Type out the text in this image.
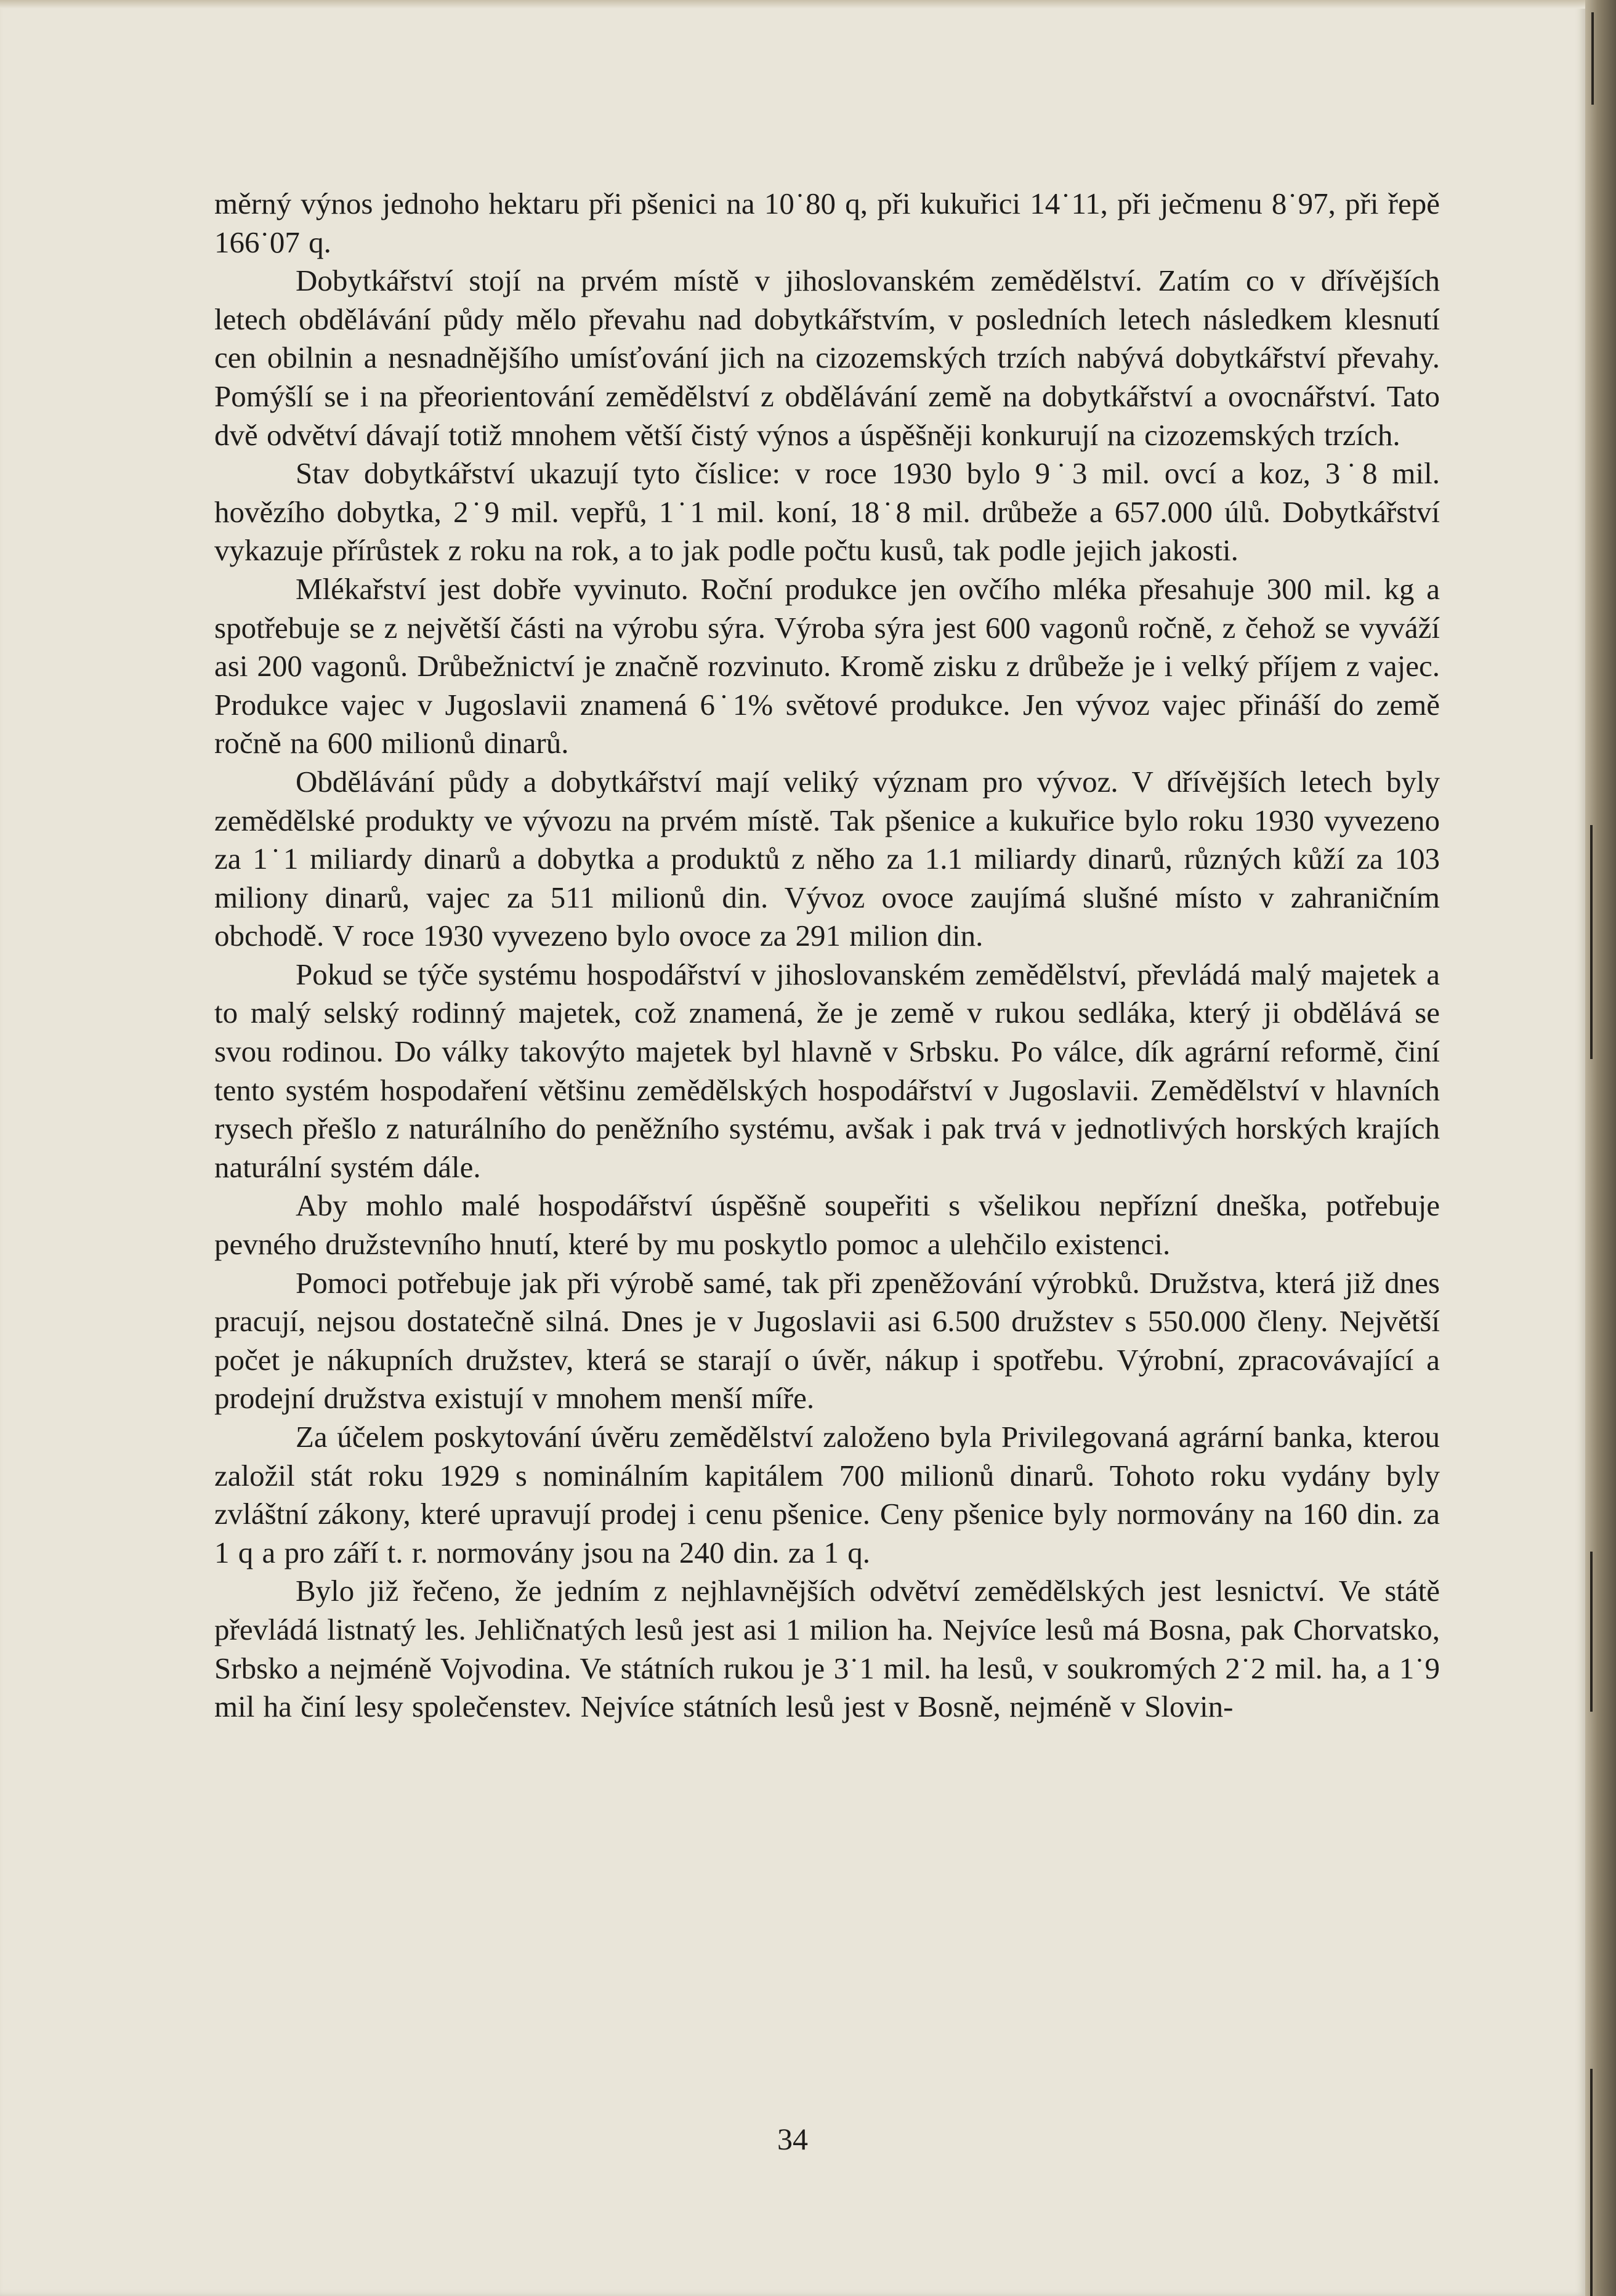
měrný výnos jednoho hektaru při pšenici na 10˙80 q, při kukuřici 14˙11, při ječmenu 8˙97, při řepě 166˙07 q.

Dobytkářství stojí na prvém místě v jihoslovanském zemědělství. Zatím co v dřívějších letech obdělávání půdy mělo převahu nad dobytkářstvím, v posledních letech následkem klesnutí cen obilnin a nesnadnějšího umísťování jich na cizozemských trzích nabývá dobytkářství převahy. Pomýšlí se i na přeorientování zemědělství z obdělávání země na dobytkářství a ovocnářství. Tato dvě odvětví dávají totiž mnohem větší čistý výnos a úspěšněji konkurují na cizozemských trzích.

Stav dobytkářství ukazují tyto číslice: v roce 1930 bylo 9˙3 mil. ovcí a koz, 3˙8 mil. hovězího dobytka, 2˙9 mil. vepřů, 1˙1 mil. koní, 18˙8 mil. drůbeže a 657.000 úlů. Dobytkářství vykazuje přírůstek z roku na rok, a to jak podle počtu kusů, tak podle jejich jakosti.

Mlékařství jest dobře vyvinuto. Roční produkce jen ovčího mléka přesahuje 300 mil. kg a spotřebuje se z největší části na výrobu sýra. Výroba sýra jest 600 vagonů ročně, z čehož se vyváží asi 200 vagonů. Drůbežnictví je značně rozvinuto. Kromě zisku z drůbeže je i velký příjem z vajec. Produkce vajec v Jugoslavii znamená 6˙1% světové produkce. Jen vývoz vajec přináší do země ročně na 600 milionů dinarů.

Obdělávání půdy a dobytkářství mají veliký význam pro vývoz. V dřívějších letech byly zemědělské produkty ve vývozu na prvém místě. Tak pšenice a kukuřice bylo roku 1930 vyvezeno za 1˙1 miliardy dinarů a dobytka a produktů z něho za 1.1 miliardy dinarů, různých kůží za 103 miliony dinarů, vajec za 511 milionů din. Vývoz ovoce zaujímá slušné místo v zahraničním obchodě. V roce 1930 vyvezeno bylo ovoce za 291 milion din.

Pokud se týče systému hospodářství v jihoslovanském zemědělství, převládá malý majetek a to malý selský rodinný majetek, což znamená, že je země v rukou sedláka, který ji obdělává se svou rodinou. Do války takovýto majetek byl hlavně v Srbsku. Po válce, dík agrární reformě, činí tento systém hospodaření většinu zemědělských hospodářství v Jugoslavii. Zemědělství v hlavních rysech přešlo z naturálního do peněžního systému, avšak i pak trvá v jednotlivých horských krajích naturální systém dále.

Aby mohlo malé hospodářství úspěšně soupeřiti s všelikou nepřízní dneška, potřebuje pevného družstevního hnutí, které by mu poskytlo pomoc a ulehčilo existenci.

Pomoci potřebuje jak při výrobě samé, tak při zpeněžování výrobků. Družstva, která již dnes pracují, nejsou dostatečně silná. Dnes je v Jugoslavii asi 6.500 družstev s 550.000 členy. Největší počet je nákupních družstev, která se starají o úvěr, nákup i spotřebu. Výrobní, zpracovávající a prodejní družstva existují v mnohem menší míře.

Za účelem poskytování úvěru zemědělství založeno byla Privilegovaná agrární banka, kterou založil stát roku 1929 s nominálním kapitálem 700 milionů dinarů. Tohoto roku vydány byly zvláštní zákony, které upravují prodej i cenu pšenice. Ceny pšenice byly normovány na 160 din. za 1 q a pro září t. r. normovány jsou na 240 din. za 1 q.

Bylo již řečeno, že jedním z nejhlavnějších odvětví zemědělských jest lesnictví. Ve státě převládá listnatý les. Jehličnatých lesů jest asi 1 milion ha. Nejvíce lesů má Bosna, pak Chorvatsko, Srbsko a nejméně Vojvodina. Ve státních rukou je 3˙1 mil. ha lesů, v soukromých 2˙2 mil. ha, a 1˙9 mil ha činí lesy společenstev. Nejvíce státních lesů jest v Bosně, nejméně v Slovin-

34
